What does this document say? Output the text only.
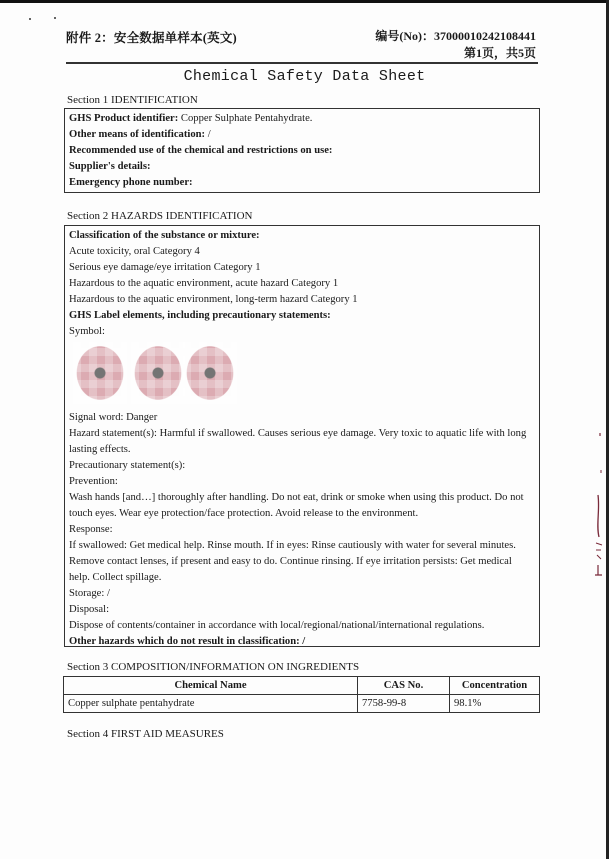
附件 2：安全数据单样本(英文)	编号(No)：37000010242108441
第1页，共5页
Chemical Safety Data Sheet
Section 1 IDENTIFICATION

GHS Product identifier: Copper Sulphate Pentahydrate.

Other means of identification: /

Recommended use of the chemical and restrictions on use:

Supplier's details:

Emergency phone number:

Section 2 HAZARDS IDENTIFICATION

Classification of the substance or mixture:

Acute toxicity, oral Category 4

Serious eye damage/eye irritation Category 1

Hazardous to the aquatic environment, acute hazard Category 1

Hazardous to the aquatic environment, long-term hazard Category 1

GHS Label elements, including precautionary statements:

Symbol:

Signal word: Danger

Hazard statement(s): Harmful if swallowed. Causes serious eye damage. Very toxic to aquatic life with long lasting effects.

Precautionary statement(s):

Prevention:

Wash hands [and…] thoroughly after handling. Do not eat, drink or smoke when using this product. Do not touch eyes. Wear eye protection/face protection. Avoid release to the environment.

Response:

If swallowed: Get medical help. Rinse mouth. If in eyes: Rinse cautiously with water for several minutes. Remove contact lenses, if present and easy to do. Continue rinsing. If eye irritation persists: Get medical help. Collect spillage.

Storage: /

Disposal:

Dispose of contents/container in accordance with local/regional/national/international regulations.

Other hazards which do not result in classification: /

Section 3 COMPOSITION/INFORMATION ON INGREDIENTS
Chemical Name	CAS No.	Concentration
Copper sulphate pentahydrate	7758-99-8	98.1%
Section 4 FIRST AID MEASURES
